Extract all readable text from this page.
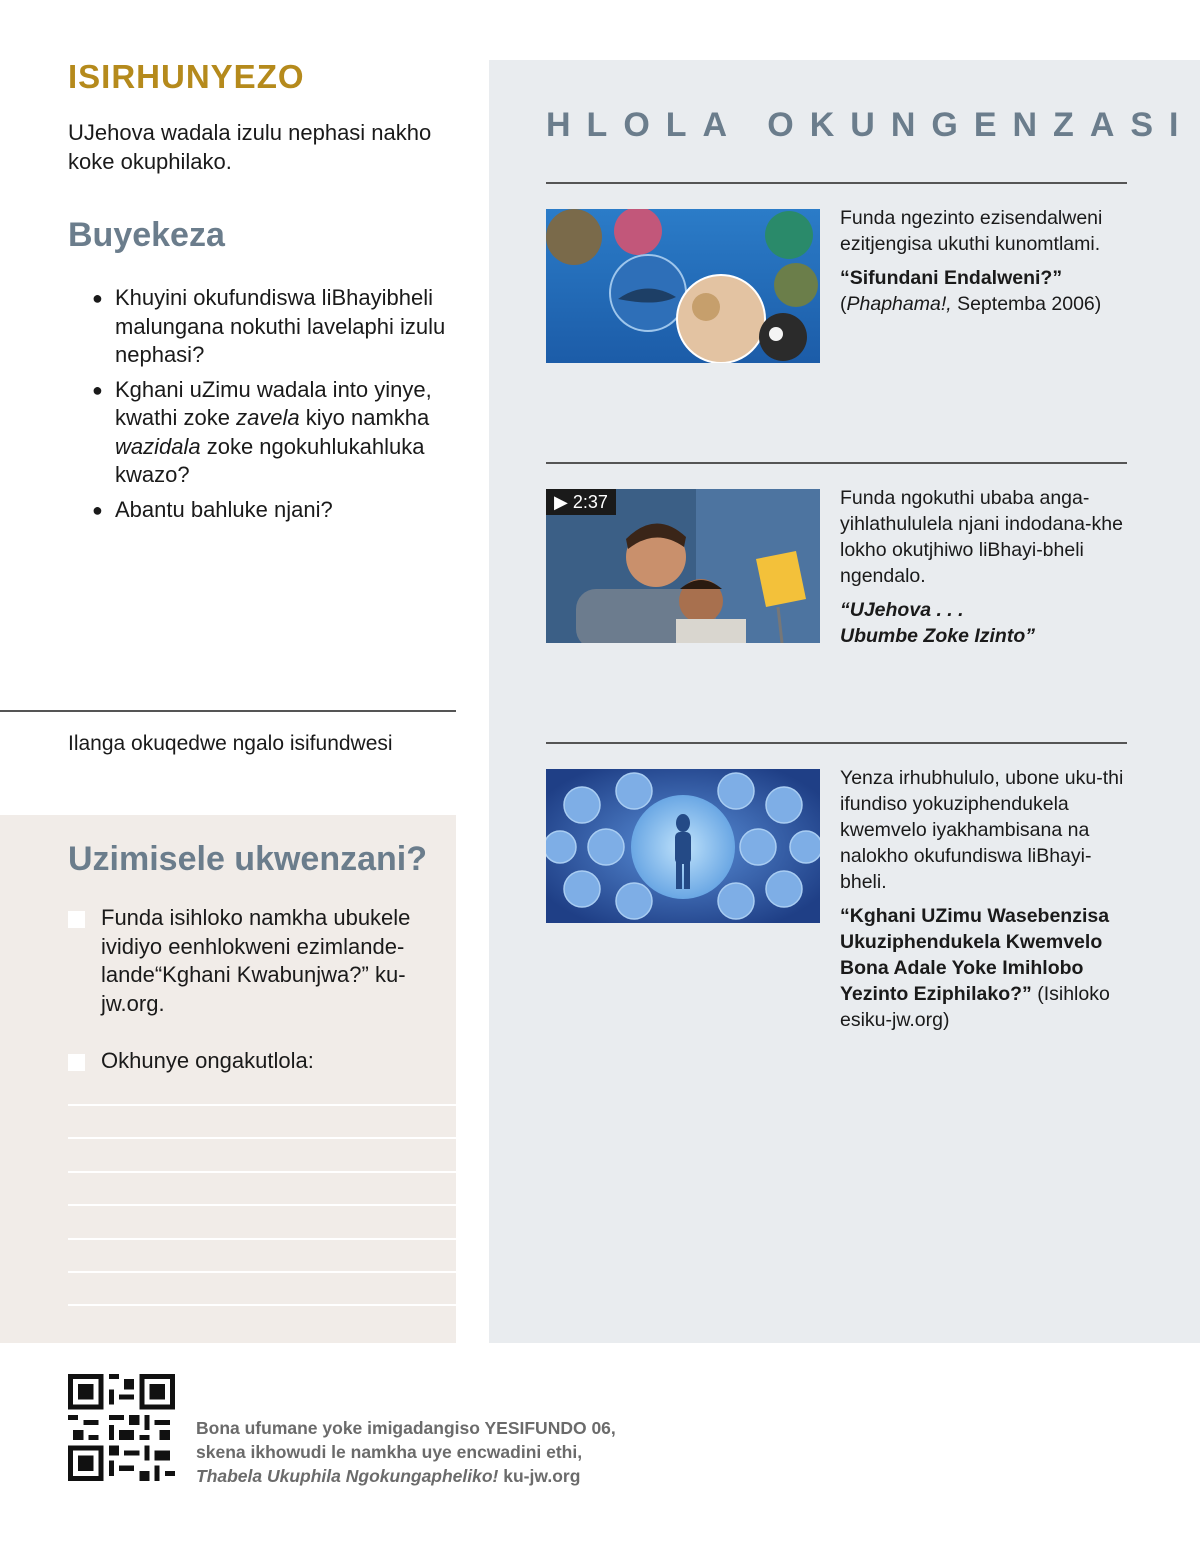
ISIRHUNYEZO

UJehova wadala izulu nephasi nakho koke okuphilako.

Buyekeza
● Khuyini okufundiswa liBhayibheli malungana nokuthi lavelaphi izulu nephasi?
● Kghani uZimu wadala into yinye, kwathi zoke zavela kiyo namkha wazidala zoke ngokuhlukahluka kwazo?
● Abantu bahluke njani?

Ilanga okuqedwe ngalo isifundwesi

Uzimisele ukwenzani?
Funda isihloko namkha ubukele ividiyo eenhlokweni ezimlande-lande“Kghani Kwabunjwa?” ku-jw.org.
Okhunye ongakutlola:
HLOLA OKUNGENZASI

Funda ngezinto ezisendalweni ezitjengisa ukuthi kunomtlami.

“Sifundani Endalweni?”

(Phaphama!, Septemba 2006)

▶ 2:37	Funda ngokuthi ubaba anga-yihlathululela njani indodana-khe lokho okutjhiwo liBhayi-bheli ngendalo.

“UJehova . . .
Ubumbe Zoke Izinto”

Yenza irhubhululo, ubone uku-thi ifundiso yokuziphendukela kwemvelo iyakhambisana na nalokho okufundiswa liBhayi-bheli.

“Kghani UZimu Wasebenzisa Ukuziphendukela Kwemvelo Bona Adale Yoke Imihlobo Yezinto Eziphilako?” (Isihloko esiku-jw.org)

Bona ufumane yoke imigadangiso YESIFUNDO 06,

skena ikhowudi le namkha uye encwadini ethi,

Thabela Ukuphila Ngokungapheliko! ku-jw.org
